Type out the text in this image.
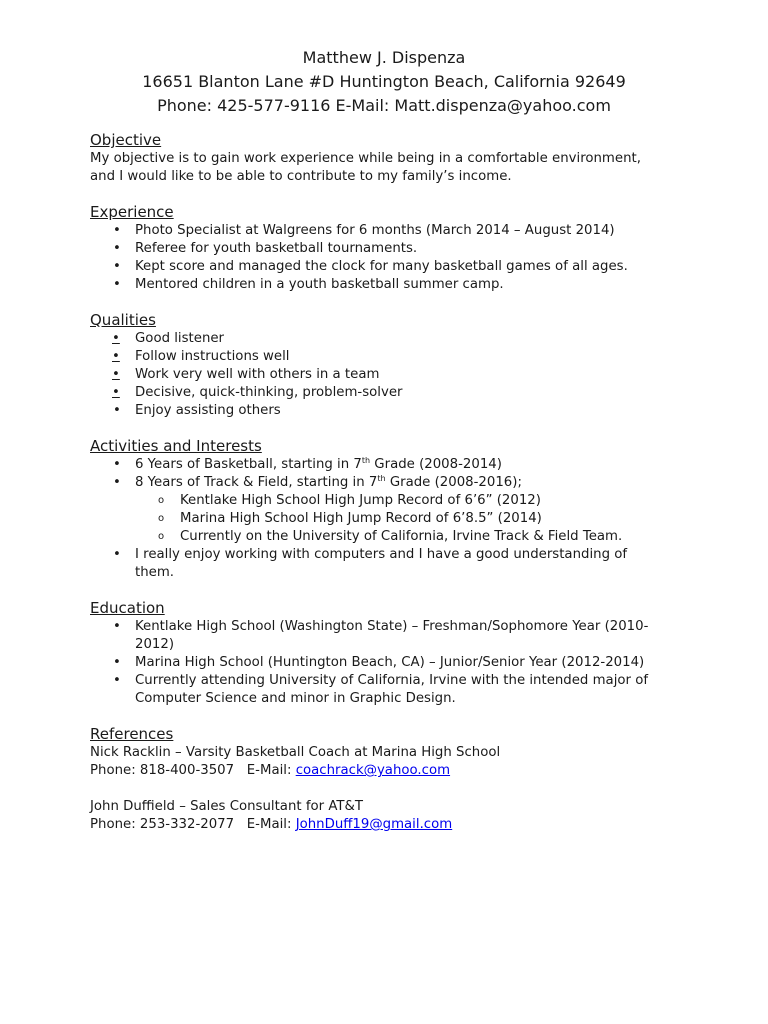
Matthew J. Dispenza
16651 Blanton Lane #D Huntington Beach, California 92649
Phone: 425-577-9116 E-Mail: Matt.dispenza@yahoo.com
Objective

My objective is to gain work experience while being in a comfortable environment,

and I would like to be able to contribute to my family’s income.

Experience
• Photo Specialist at Walgreens for 6 months (March 2014 – August 2014)
• Referee for youth basketball tournaments.
• Kept score and managed the clock for many basketball games of all ages.
• Mentored children in a youth basketball summer camp.
Qualities
•	Good listener
•	Follow instructions well
•	Work very well with others in a team
•	Decisive, quick-thinking, problem-solver
• Enjoy assisting others
Activities and Interests
• 6 Years of Basketball, starting in 7th Grade (2008-2014)
• 8 Years of Track & Field, starting in 7th Grade (2008-2016);
o Kentlake High School High Jump Record of 6’6” (2012)
o Marina High School High Jump Record of 6’8.5” (2014)
o Currently on the University of California, Irvine Track & Field Team.
• I really enjoy working with computers and I have a good understanding of
them.
Education
• Kentlake High School (Washington State) – Freshman/Sophomore Year (2010-
2012)
• Marina High School (Huntington Beach, CA) – Junior/Senior Year (2012-2014)
• Currently attending University of California, Irvine with the intended major of
Computer Science and minor in Graphic Design.
References

Nick Racklin – Varsity Basketball Coach at Marina High School

Phone: 818-400-3507   E-Mail: coachrack@yahoo.com

John Duffield – Sales Consultant for AT&T

Phone: 253-332-2077   E-Mail: JohnDuff19@gmail.com
